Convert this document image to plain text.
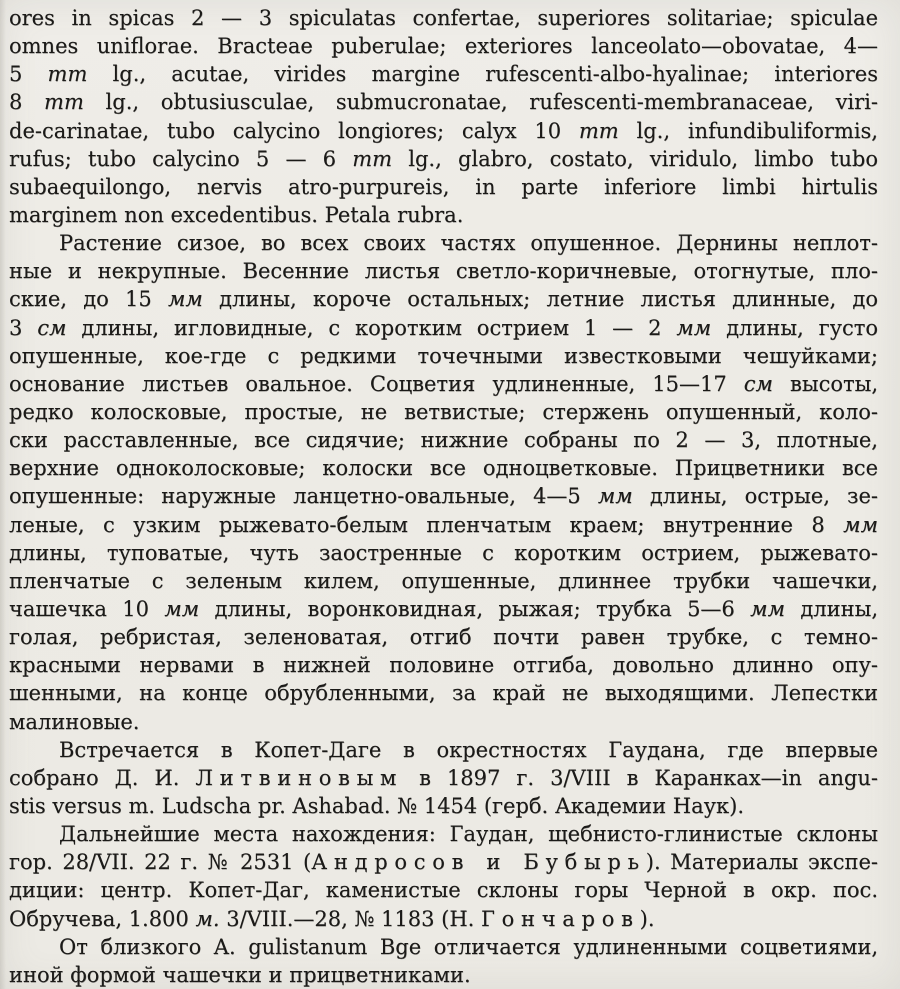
ores in spicas 2 — 3 spiculatas confertae, superiores solitariae; spiculae
omnes uniflorae. Bracteae puberulae; exteriores lanceolato—obovatae, 4—
5 mm lg., acutae, virides margine rufescenti-albo-hyalinae; interiores
8 mm lg., obtusiusculae, submucronatae, rufescenti-membranaceae, viri-
de-carinatae, tubo calycino longiores; calyx 10 mm lg., infundibuliformis,
rufus; tubo calycino 5 — 6 mm lg., glabro, costato, viridulo, limbo tubo
subaequilongo, nervis atro-purpureis, in parte inferiore limbi hirtulis
marginem non excedentibus. Petala rubra.
Растение сизое, во всех своих частях опушенное. Дернины неплот-
ные и некрупные. Весенние листья светло-коричневые, отогнутые, пло-
ские, до 15 мм длины, короче остальных; летние листья длинные, до
3 см длины, игловидные, с коротким острием 1 — 2 мм длины, густо
опушенные, кое-где с редкими точечными известковыми чешуйками;
основание листьев овальное. Соцветия удлиненные, 15—17 см высоты,
редко колосковые, простые, не ветвистые; стержень опушенный, коло-
ски расставленные, все сидячие; нижние собраны по 2 — 3, плотные,
верхние одноколосковые; колоски все одноцветковые. Прицветники все
опушенные: наружные ланцетно-овальные, 4—5 мм длины, острые, зе-
леные, с узким рыжевато-белым пленчатым краем; внутренние 8 мм
длины, туповатые, чуть заостренные с коротким острием, рыжевато-
пленчатые с зеленым килем, опушенные, длиннее трубки чашечки,
чашечка 10 мм длины, воронковидная, рыжая; трубка 5—6 мм длины,
голая, ребристая, зеленоватая, отгиб почти равен трубке, с темно-
красными нервами в нижней половине отгиба, довольно длинно опу-
шенными, на конце обрубленными, за край не выходящими. Лепестки
малиновые.
Встречается в Копет-Даге в окрестностях Гаудана, где впервые
собрано Д. И. Литвиновым в 1897 г. 3/VIII в Каранках—in angu-
stis versus m. Ludscha pr. Ashabad. № 1454 (герб. Академии Наук).
Дальнейшие места нахождения: Гаудан, щебнисто-глинистые склоны
гор. 28/VII. 22 г. № 2531 (Андросов и Бубырь). Материалы экспе-
диции: центр. Копет-Даг, каменистые склоны горы Черной в окр. пос.
Обручева, 1.800 м. 3/VIII.—28, № 1183 (Н. Гончаров).
От близкого A. gulistanum Bge отличается удлиненными соцветиями,
иной формой чашечки и прицветниками.
